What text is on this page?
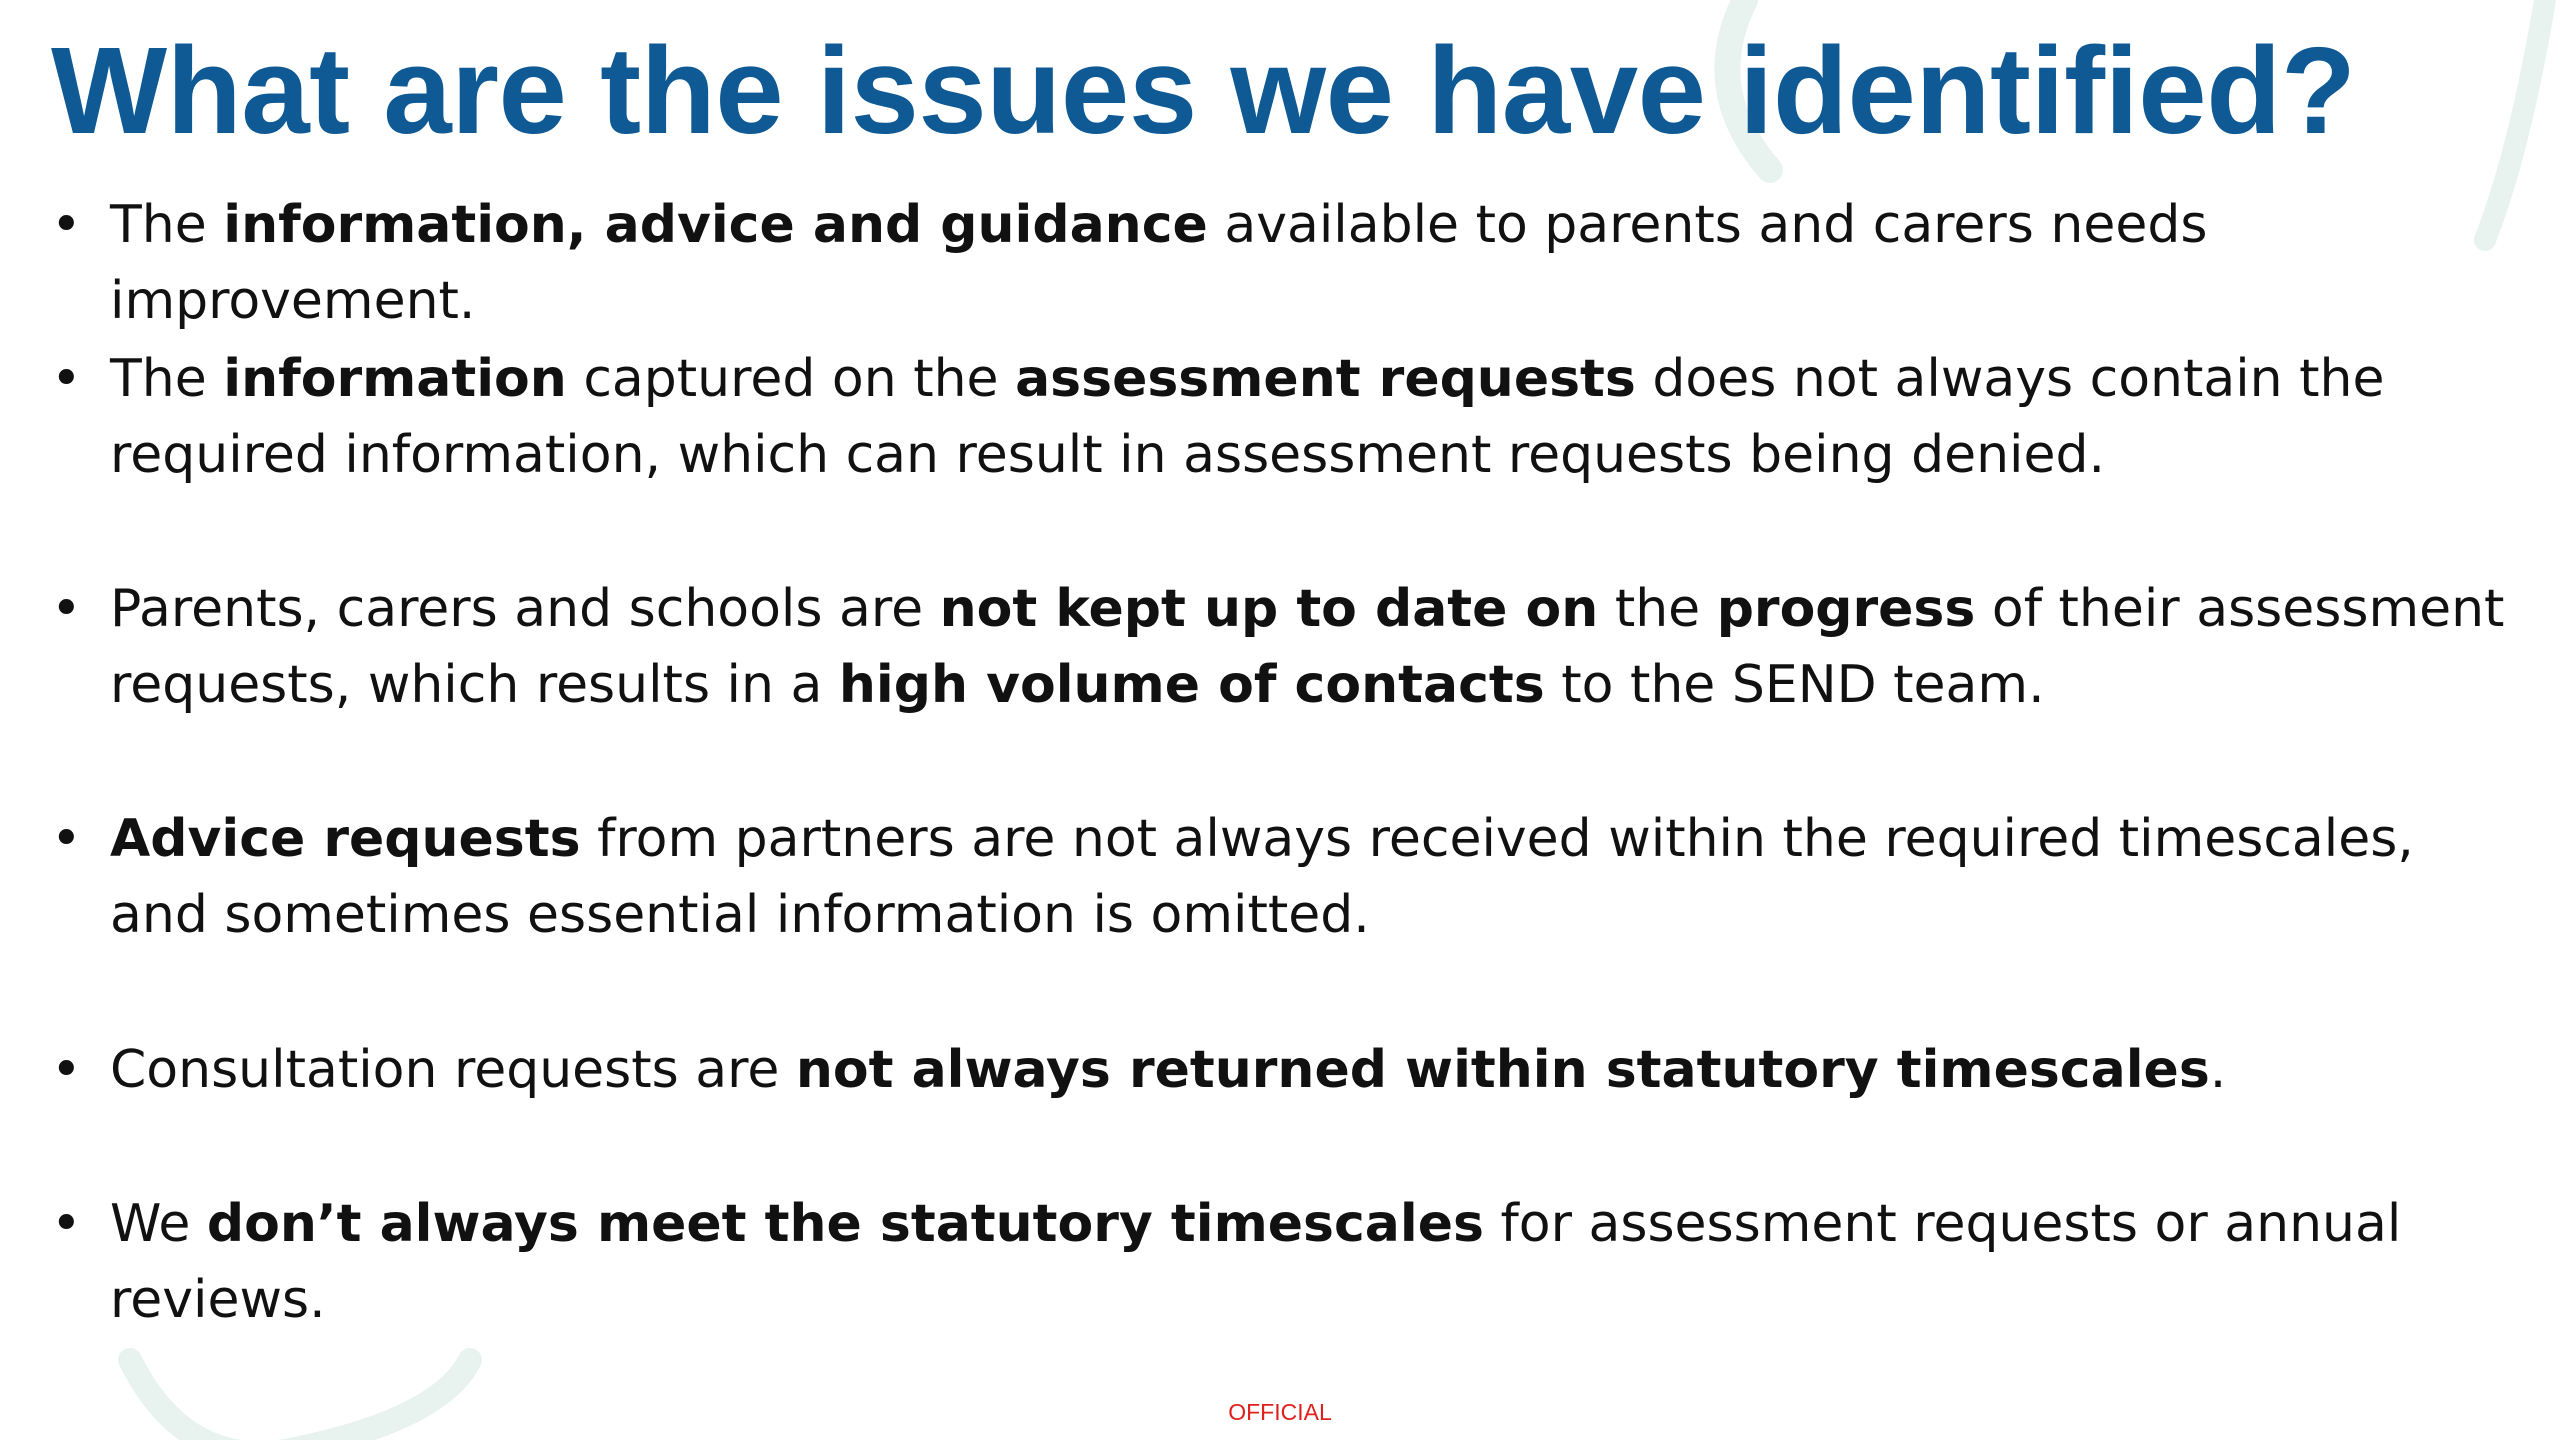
What are the issues we have identified?
• The information, advice and guidance available to parents and carers needs improvement.
• The information captured on the assessment requests does not always contain the required information, which can result in assessment requests being denied.
• Parents, carers and schools are not kept up to date on the progress of their assessment requests, which results in a high volume of contacts to the SEND team.
• Advice requests from partners are not always received within the required timescales, and sometimes essential information is omitted.
• Consultation requests are not always returned within statutory timescales.
• We don’t always meet the statutory timescales for assessment requests or annual reviews.
OFFICIAL
